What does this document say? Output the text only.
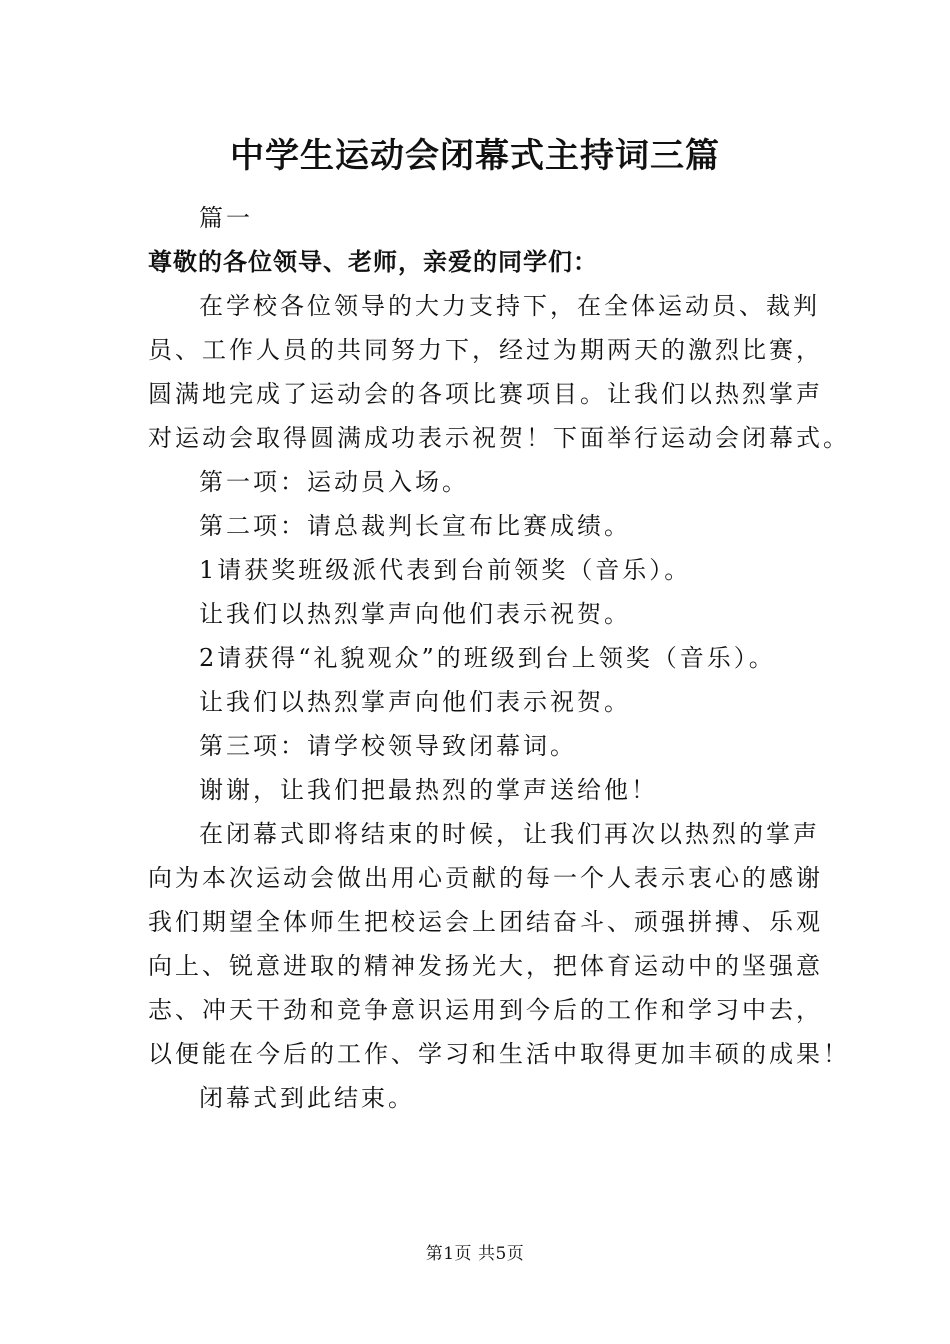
中学生运动会闭幕式主持词三篇

篇一

尊敬的各位领导、老师，亲爱的同学们：

在学校各位领导的大力支持下，在全体运动员、裁判

员、工作人员的共同努力下，经过为期两天的激烈比赛，

圆满地完成了运动会的各项比赛项目。让我们以热烈掌声

对运动会取得圆满成功表示祝贺！下面举行运动会闭幕式。

第一项：运动员入场。

第二项：请总裁判长宣布比赛成绩。

1请获奖班级派代表到台前领奖（音乐）。

让我们以热烈掌声向他们表示祝贺。

2请获得“礼貌观众”的班级到台上领奖（音乐）。

让我们以热烈掌声向他们表示祝贺。

第三项：请学校领导致闭幕词。

谢谢，让我们把最热烈的掌声送给他！

在闭幕式即将结束的时候，让我们再次以热烈的掌声

向为本次运动会做出用心贡献的每一个人表示衷心的感谢

我们期望全体师生把校运会上团结奋斗、顽强拼搏、乐观

向上、锐意进取的精神发扬光大，把体育运动中的坚强意

志、冲天干劲和竞争意识运用到今后的工作和学习中去，

以便能在今后的工作、学习和生活中取得更加丰硕的成果！

闭幕式到此结束。

第1页 共5页
